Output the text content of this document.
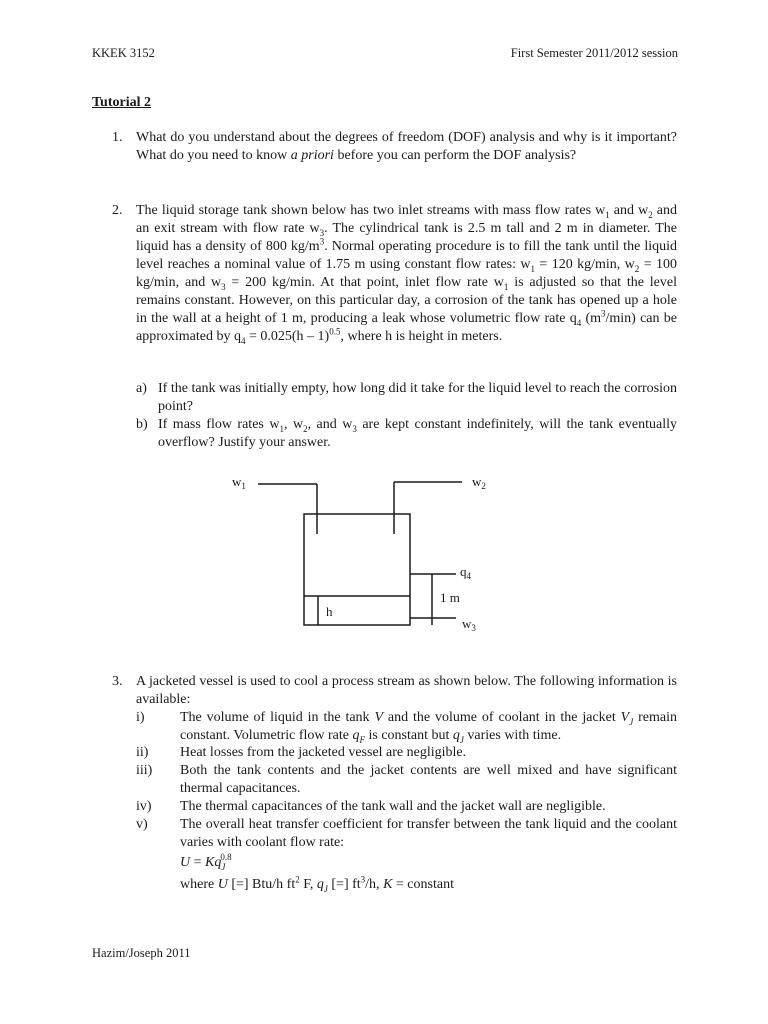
KKEK 3152	First Semester 2011/2012 session
Tutorial 2
1. What do you understand about the degrees of freedom (DOF) analysis and why is it important? What do you need to know a priori before you can perform the DOF analysis?
2. The liquid storage tank shown below has two inlet streams with mass flow rates $w_1$ and $w_2$ and an exit stream with flow rate $w_3$. The cylindrical tank is 2.5 m tall and 2 m in diameter. The liquid has a density of 800 $kg/m^3$. Normal operating procedure is to fill the tank until the liquid level reaches a nominal value of 1.75 m using constant flow rates: $w_1 = 120$ kg/min, $w_2 = 100$ kg/min, and $w_3 = 200$ kg/min. At that point, inlet flow rate $w_1$ is adjusted so that the level remains constant. However, on this particular day, a corrosion of the tank has opened up a hole in the wall at a height of 1 m, producing a leak whose volumetric flow rate $q_4$ $(m^3/\min)$ can be approximated by $q_4 = 0.025(h - 1)^{0.5}$, where h is height in meters.
a) If the tank was initially empty, how long did it take for the liquid level to reach the corrosion point?
b) If mass flow rates $w_1$, $w_2$, and $w_3$ are kept constant indefinitely, will the tank eventually overflow? Justify your answer.
$w_1$	$w_2$
h
$q_4$
1 m
$w_3$
3. A jacketed vessel is used to cool a process stream as shown below. The following information is available:
i)	The volume of liquid in the tank V and the volume of coolant in the jacket $V_J$ remain constant. Volumetric flow rate $q_F$ is constant but $q_J$ varies with time.
ii) Heat losses from the jacketed vessel are negligible.
iii) Both the tank contents and the jacket contents are well mixed and have significant thermal capacitances.
iv) The thermal capacitances of the tank wall and the jacket wall are negligible.
v) The overall heat transfer coefficient for transfer between the tank liquid and the coolant varies with coolant flow rate:
$U = Kq_J^{0.8}$
where U [=] Btu/h $ft^2$ F, $q_J$ [=] $ft^3/h$, K = constant
Hazim/Joseph 2011
